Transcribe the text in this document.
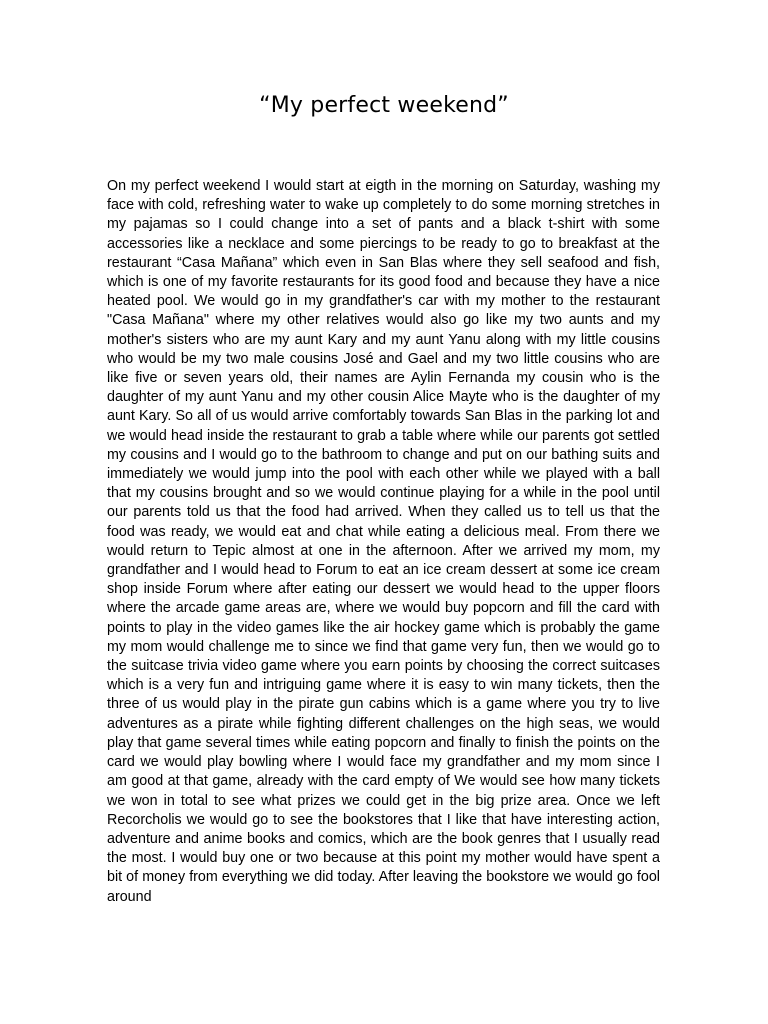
“My perfect weekend”

On my perfect weekend I would start at eigth in the morning on Saturday, washing my face with cold, refreshing water to wake up completely to do some morning stretches in my pajamas so I could change into a set of pants and a black t-shirt with some accessories like a necklace and some piercings to be ready to go to breakfast at the restaurant “Casa Mañana” which even in San Blas where they sell seafood and fish, which is one of my favorite restaurants for its good food and because they have a nice heated pool. We would go in my grandfather's car with my mother to the restaurant "Casa Mañana" where my other relatives would also go like my two aunts and my mother's sisters who are my aunt Kary and my aunt Yanu along with my little cousins who would be my two male cousins José and Gael and my two little cousins who are like five or seven years old, their names are Aylin Fernanda my cousin who is the daughter of my aunt Yanu and my other cousin Alice Mayte who is the daughter of my aunt Kary. So all of us would arrive comfortably towards San Blas in the parking lot and we would head inside the restaurant to grab a table where while our parents got settled my cousins and I would go to the bathroom to change and put on our bathing suits and immediately we would jump into the pool with each other while we played with a ball that my cousins brought and so we would continue playing for a while in the pool until our parents told us that the food had arrived. When they called us to tell us that the food was ready, we would eat and chat while eating a delicious meal. From there we would return to Tepic almost at one in the afternoon. After we arrived my mom, my grandfather and I would head to Forum to eat an ice cream dessert at some ice cream shop inside Forum where after eating our dessert we would head to the upper floors where the arcade game areas are, where we would buy popcorn and fill the card with points to play in the video games like the air hockey game which is probably the game my mom would challenge me to since we find that game very fun, then we would go to the suitcase trivia video game where you earn points by choosing the correct suitcases which is a very fun and intriguing game where it is easy to win many tickets, then the three of us would play in the pirate gun cabins which is a game where you try to live adventures as a pirate while fighting different challenges on the high seas, we would play that game several times while eating popcorn and finally to finish the points on the card we would play bowling where I would face my grandfather and my mom since I am good at that game, already with the card empty of We would see how many tickets we won in total to see what prizes we could get in the big prize area. Once we left Recorcholis we would go to see the bookstores that I like that have interesting action, adventure and anime books and comics, which are the book genres that I usually read the most. I would buy one or two because at this point my mother would have spent a bit of money from everything we did today. After leaving the bookstore we would go fool around
